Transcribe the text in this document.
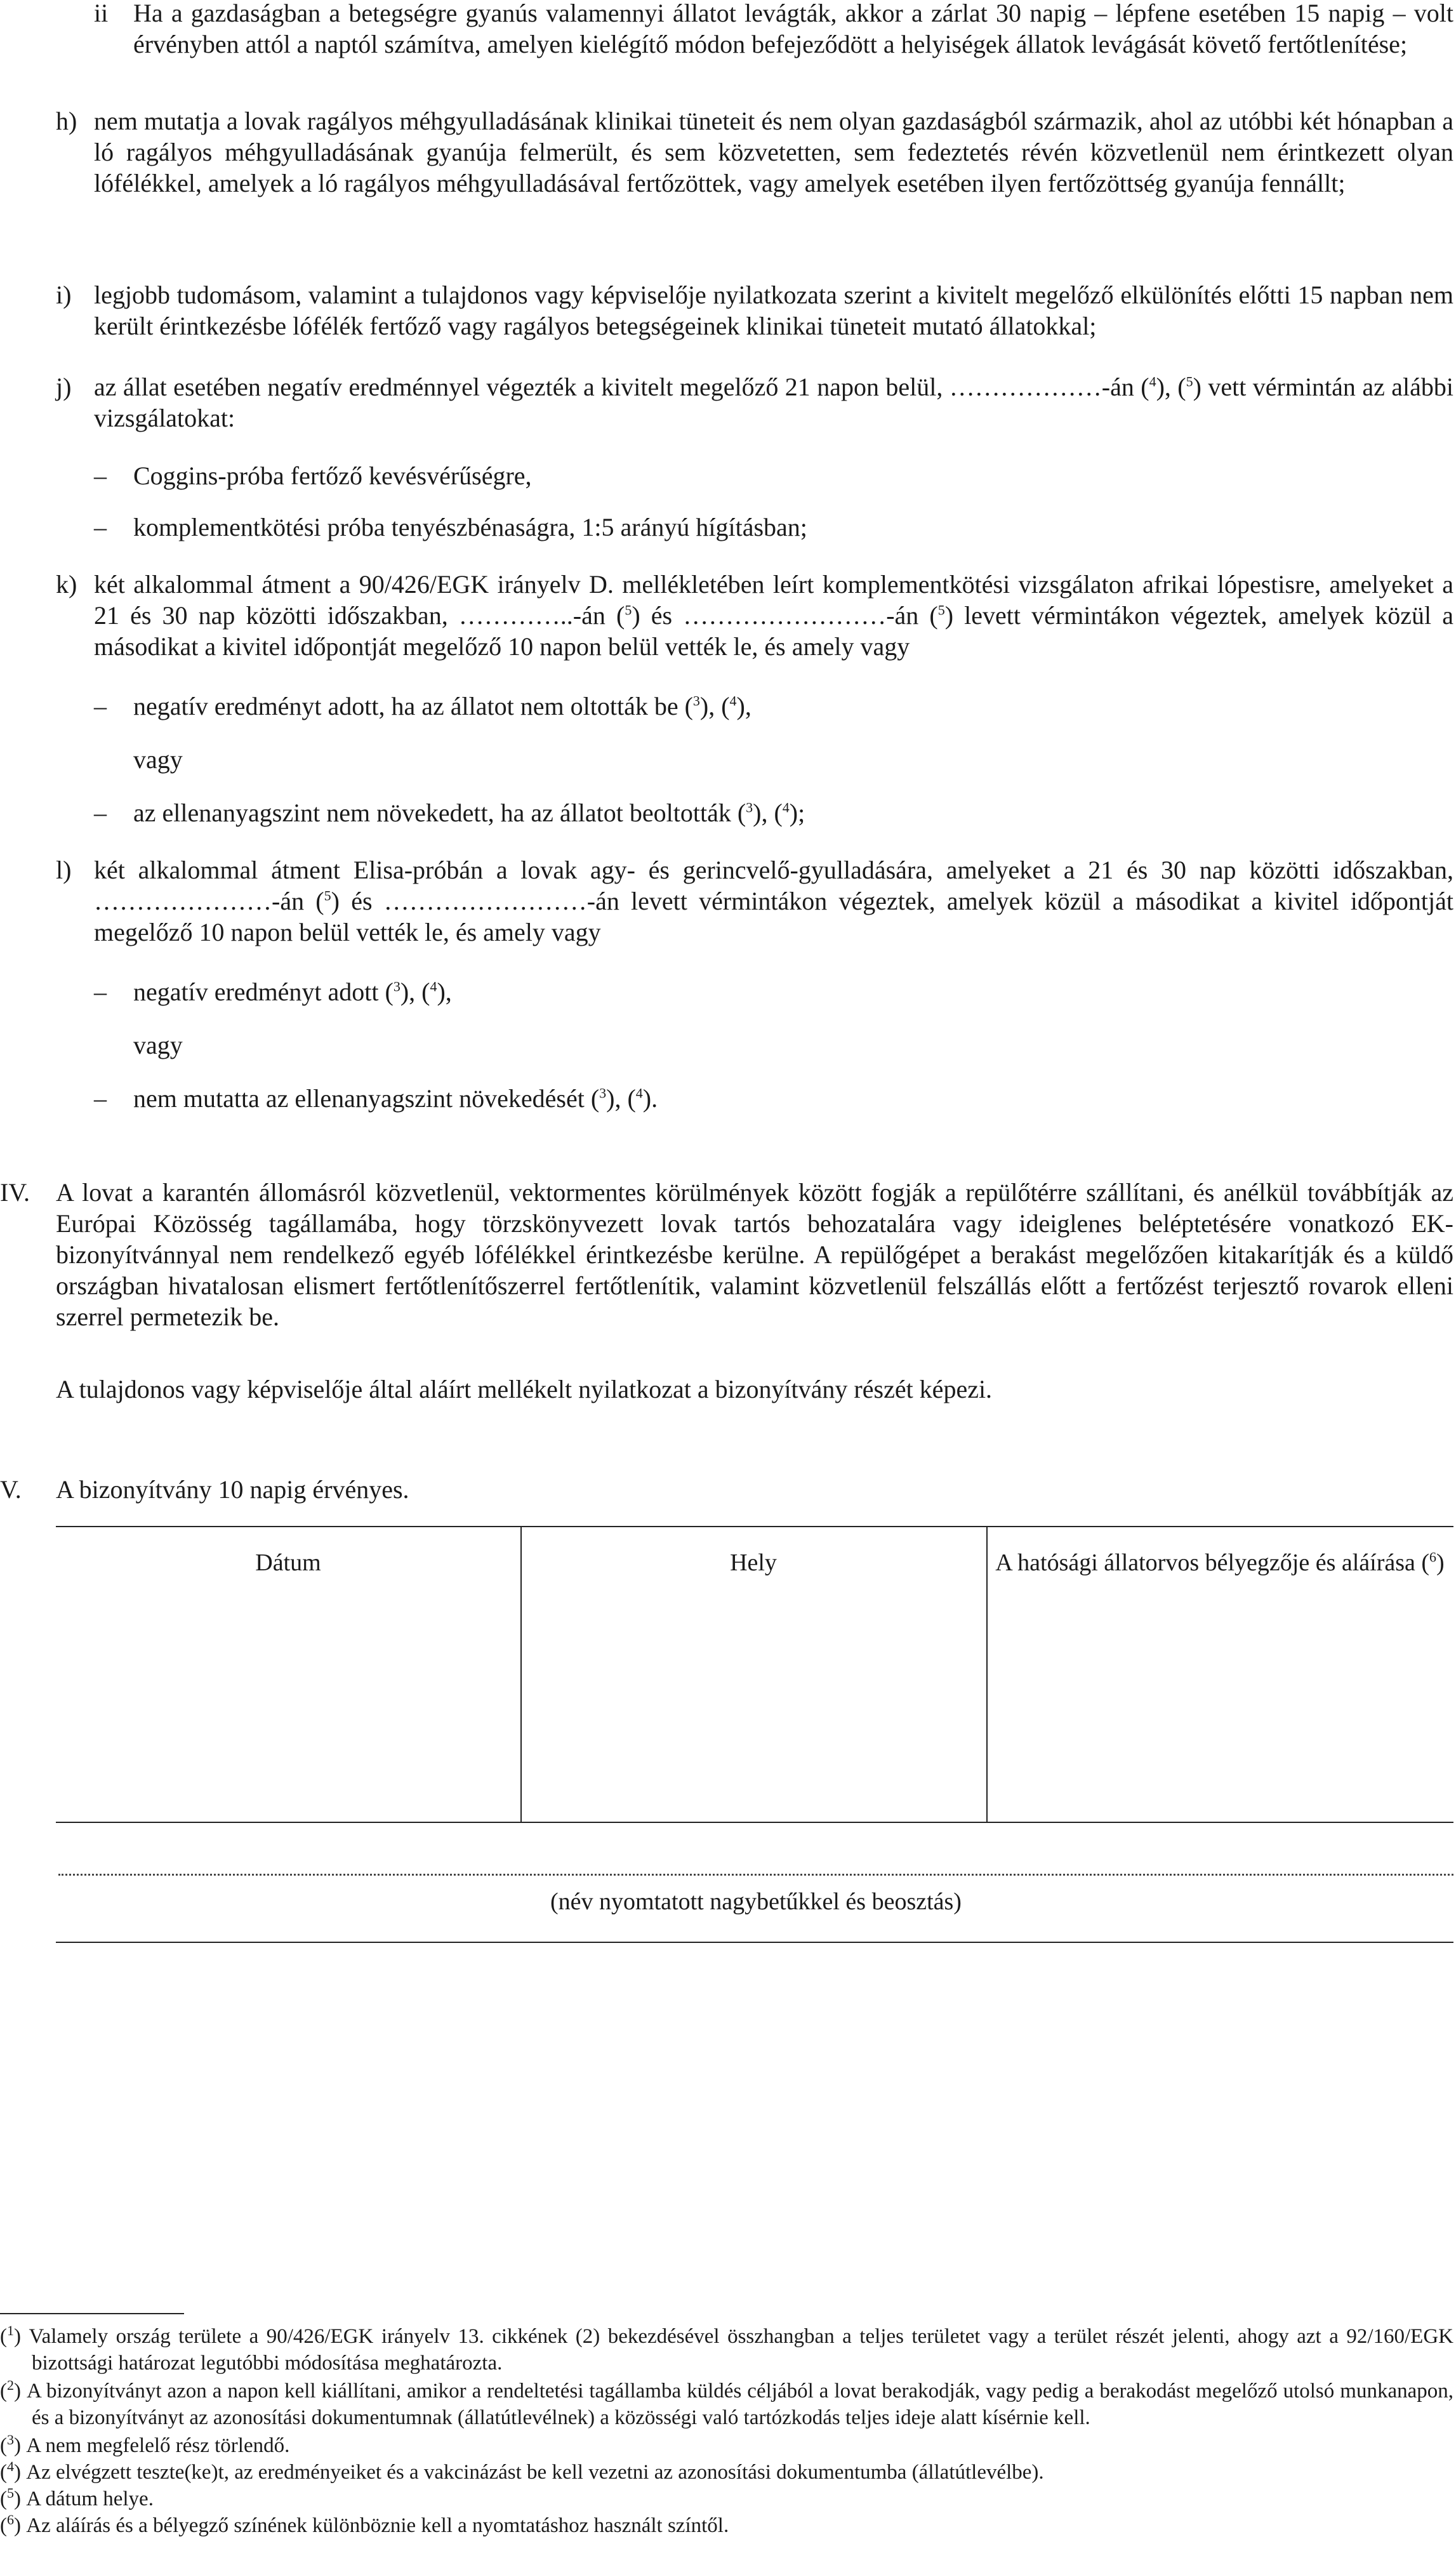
ii Ha a gazdaságban a betegségre gyanús valamennyi állatot levágták, akkor a zárlat 30 napig – lépfene esetében 15 napig – volt érvényben attól a naptól számítva, amelyen kielégítő módon befejeződött a helyiségek állatok levágását követő fertőtlenítése;

h) nem mutatja a lovak ragályos méhgyulladásának klinikai tüneteit és nem olyan gazdaságból származik, ahol az utóbbi két hónapban a ló ragályos méhgyulladásának gyanúja felmerült, és sem közvetetten, sem fedeztetés révén közvetlenül nem érintkezett olyan lófélékkel, amelyek a ló ragályos méhgyulladásával fertőzöttek, vagy amelyek esetében ilyen fertőzöttség gyanúja fennállt;

i) legjobb tudomásom, valamint a tulajdonos vagy képviselője nyilatkozata szerint a kivitelt megelőző elkülönítés előtti 15 napban nem került érintkezésbe lófélék fertőző vagy ragályos betegségeinek klinikai tüneteit mutató állatokkal;

j) az állat esetében negatív eredménnyel végezték a kivitelt megelőző 21 napon belül, ………………-án ($^4$), ($^5$) vett vérmintán az alábbi vizsgálatokat:

– Coggins-próba fertőző kevésvérűségre,
– komplementkötési próba tenyészbénaságra, 1:5 arányú hígításban;
k) két alkalommal átment a 90/426/EGK irányelv D. mellékletében leírt komplementkötési vizsgálaton afrikai lópestisre, amelyeket a 21 és 30 nap közötti időszakban, …………..-án ($^5$) és ……………………-án ($^5$) levett vérmintákon végeztek, amelyek közül a másodikat a kivitel időpontját megelőző 10 napon belül vették le, és amely vagy

– negatív eredményt adott, ha az állatot nem oltották be ($^3$), ($^4$),
vagy
– az ellenanyagszint nem növekedett, ha az állatot beoltották ($^3$), ($^4$);
l) két alkalommal átment Elisa-próbán a lovak agy- és gerincvelő-gyulladására, amelyeket a 21 és 30 nap közötti időszakban, …………………-án ($^5$) és ……………………-án levett vérmintákon végeztek, amelyek közül a másodikat a kivitel időpontját megelőző 10 napon belül vették le, és amely vagy

– negatív eredményt adott ($^3$), ($^4$),
vagy
– nem mutatta az ellenanyagszint növekedését ($^3$), ($^4$).
IV. A lovat a karantén állomásról közvetlenül, vektormentes körülmények között fogják a repülőtérre szállítani, és anélkül továbbítják az Európai Közösség tagállamába, hogy törzskönyvezett lovak tartós behozatalára vagy ideiglenes beléptetésére vonatkozó EK-bizonyítvánnyal nem rendelkező egyéb lófélékkel érintkezésbe kerülne. A repülőgépet a berakást megelőzően kitakarítják és a küldő országban hivatalosan elismert fertőtlenítőszerrel fertőtlenítik, valamint közvetlenül felszállás előtt a fertőzést terjesztő rovarok elleni szerrel permetezik be.

A tulajdonos vagy képviselője által aláírt mellékelt nyilatkozat a bizonyítvány részét képezi.

V. A bizonyítvány 10 napig érvényes.

Dátum	Hely	A hatósági állatorvos bélyegzője és aláírása ($^6$)
(név nyomtatott nagybetűkkel és beosztás)
($^1$) Valamely ország területe a 90/426/EGK irányelv 13. cikkének (2) bekezdésével összhangban a teljes területet vagy a terület részét jelenti, ahogy azt a 92/160/EGK bizottsági határozat legutóbbi módosítása meghatározta.
($^2$) A bizonyítványt azon a napon kell kiállítani, amikor a rendeltetési tagállamba küldés céljából a lovat berakodják, vagy pedig a berakodást megelőző utolsó munkanapon, és a bizonyítványt az azonosítási dokumentumnak (állatútlevélnek) a közösségi való tartózkodás teljes ideje alatt kísérnie kell.
($^3$) A nem megfelelő rész törlendő.
($^4$) Az elvégzett teszte(ke)t, az eredményeiket és a vakcinázást be kell vezetni az azonosítási dokumentumba (állatútlevélbe).
($^5$) A dátum helye.
($^6$) Az aláírás és a bélyegző színének különböznie kell a nyomtatáshoz használt színtől.
